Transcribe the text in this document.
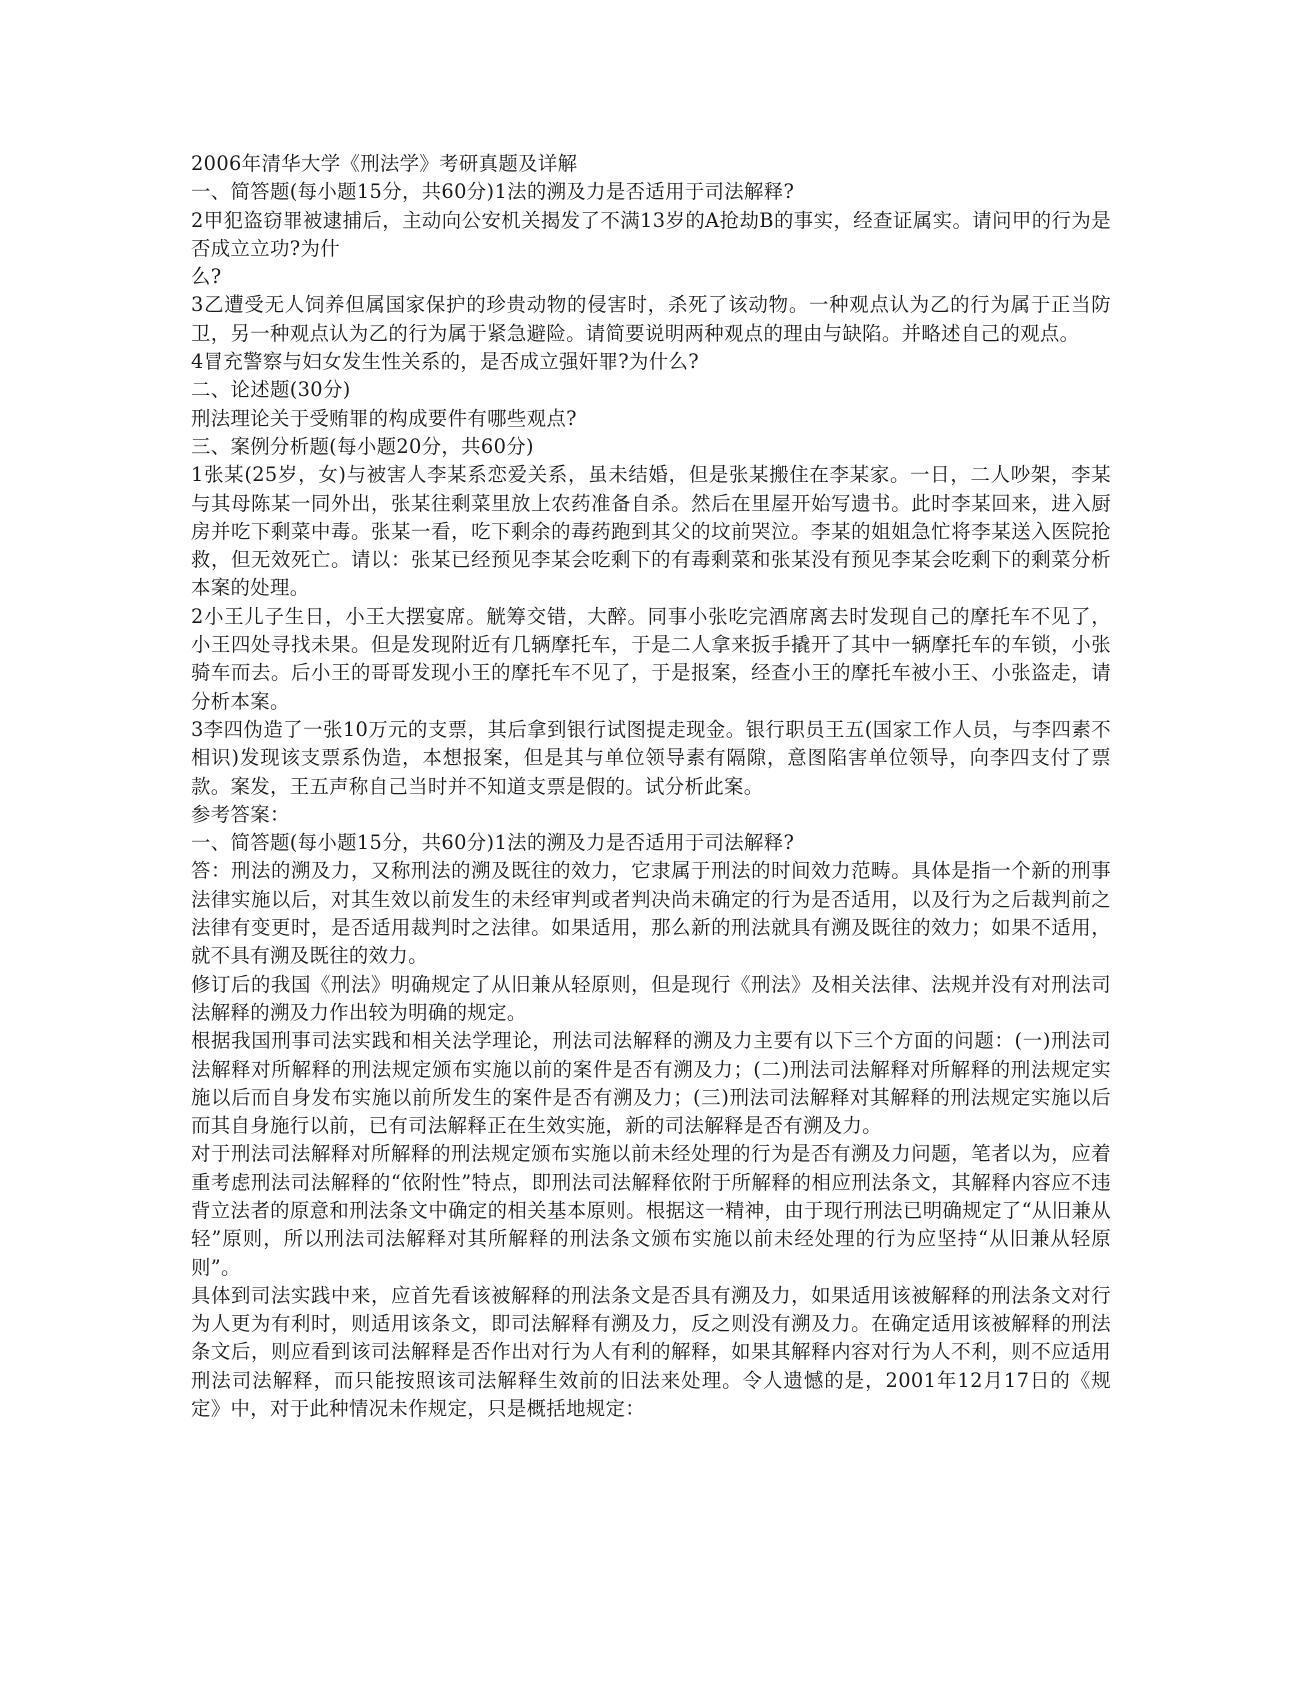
2006年清华大学《刑法学》考研真题及详解

一、简答题(每小题15分，共60分)1法的溯及力是否适用于司法解释?

2甲犯盗窃罪被逮捕后，主动向公安机关揭发了不满13岁的A抢劫B的事实，经查证属实。请问甲的行为是否成立立功?为什

么?

3乙遭受无人饲养但属国家保护的珍贵动物的侵害时，杀死了该动物。一种观点认为乙的行为属于正当防卫，另一种观点认为乙的行为属于紧急避险。请简要说明两种观点的理由与缺陷。并略述自己的观点。

4冒充警察与妇女发生性关系的，是否成立强奸罪?为什么?

二、论述题(30分)

刑法理论关于受贿罪的构成要件有哪些观点?

三、案例分析题(每小题20分，共60分)

1张某(25岁，女)与被害人李某系恋爱关系，虽未结婚，但是张某搬住在李某家。一日，二人吵架，李某与其母陈某一同外出，张某往剩菜里放上农药准备自杀。然后在里屋开始写遗书。此时李某回来，进入厨房并吃下剩菜中毒。张某一看，吃下剩余的毒药跑到其父的坟前哭泣。李某的姐姐急忙将李某送入医院抢救，但无效死亡。请以：张某已经预见李某会吃剩下的有毒剩菜和张某没有预见李某会吃剩下的剩菜分析本案的处理。

2小王儿子生日，小王大摆宴席。觥筹交错，大醉。同事小张吃完酒席离去时发现自己的摩托车不见了，小王四处寻找未果。但是发现附近有几辆摩托车，于是二人拿来扳手撬开了其中一辆摩托车的车锁，小张骑车而去。后小王的哥哥发现小王的摩托车不见了，于是报案，经查小王的摩托车被小王、小张盗走，请分析本案。

3李四伪造了一张10万元的支票，其后拿到银行试图提走现金。银行职员王五(国家工作人员，与李四素不相识)发现该支票系伪造，本想报案，但是其与单位领导素有隔隙，意图陷害单位领导，向李四支付了票款。案发，王五声称自己当时并不知道支票是假的。试分析此案。

参考答案：

一、简答题(每小题15分，共60分)1法的溯及力是否适用于司法解释?

答：刑法的溯及力，又称刑法的溯及既往的效力，它隶属于刑法的时间效力范畴。具体是指一个新的刑事法律实施以后，对其生效以前发生的未经审判或者判决尚未确定的行为是否适用，以及行为之后裁判前之法律有变更时，是否适用裁判时之法律。如果适用，那么新的刑法就具有溯及既往的效力；如果不适用，就不具有溯及既往的效力。

修订后的我国《刑法》明确规定了从旧兼从轻原则，但是现行《刑法》及相关法律、法规并没有对刑法司法解释的溯及力作出较为明确的规定。

根据我国刑事司法实践和相关法学理论，刑法司法解释的溯及力主要有以下三个方面的问题：(一)刑法司法解释对所解释的刑法规定颁布实施以前的案件是否有溯及力；(二)刑法司法解释对所解释的刑法规定实施以后而自身发布实施以前所发生的案件是否有溯及力；(三)刑法司法解释对其解释的刑法规定实施以后而其自身施行以前，已有司法解释正在生效实施，新的司法解释是否有溯及力。

对于刑法司法解释对所解释的刑法规定颁布实施以前未经处理的行为是否有溯及力问题，笔者以为，应着重考虑刑法司法解释的“依附性”特点，即刑法司法解释依附于所解释的相应刑法条文，其解释内容应不违背立法者的原意和刑法条文中确定的相关基本原则。根据这一精神，由于现行刑法已明确规定了“从旧兼从轻”原则，所以刑法司法解释对其所解释的刑法条文颁布实施以前未经处理的行为应坚持“从旧兼从轻原则”。

具体到司法实践中来，应首先看该被解释的刑法条文是否具有溯及力，如果适用该被解释的刑法条文对行为人更为有利时，则适用该条文，即司法解释有溯及力，反之则没有溯及力。在确定适用该被解释的刑法条文后，则应看到该司法解释是否作出对行为人有利的解释，如果其解释内容对行为人不利，则不应适用刑法司法解释，而只能按照该司法解释生效前的旧法来处理。令人遗憾的是，2001年12月17日的《规定》中，对于此种情况未作规定，只是概括地规定：
